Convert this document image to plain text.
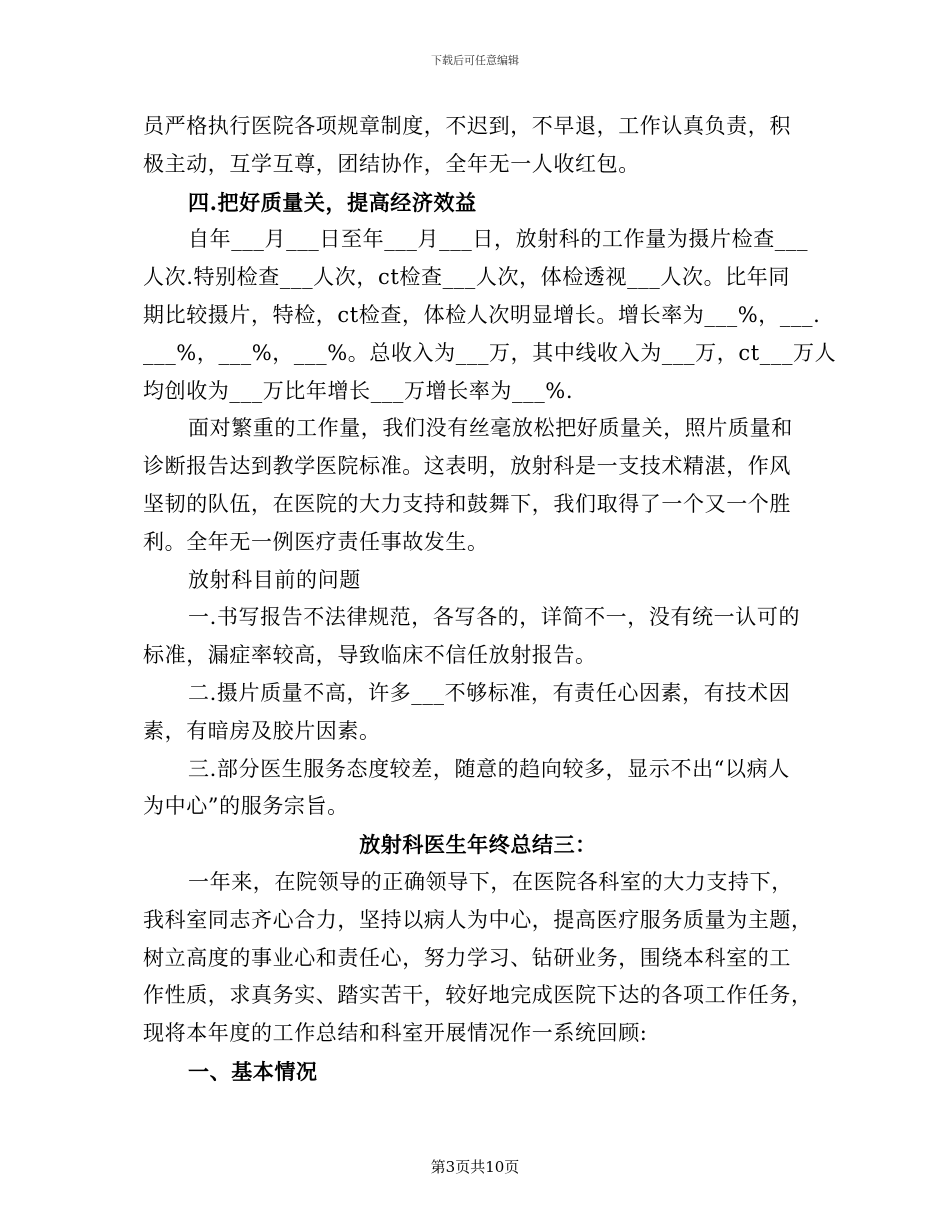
下载后可任意编辑
员严格执行医院各项规章制度，不迟到，不早退，工作认真负责，积
极主动，互学互尊，团结协作，全年无一人收红包。
四.把好质量关，提高经济效益
自年___月___日至年___月___日，放射科的工作量为摄片检查___
人次.特别检查___人次，ct检查___人次，体检透视___人次。比年同
期比较摄片，特检，ct检查，体检人次明显增长。增长率为___%，___.
___%，___%，___%。总收入为___万，其中线收入为___万，ct___万人
均创收为___万比年增长___万增长率为___%.
面对繁重的工作量，我们没有丝毫放松把好质量关，照片质量和
诊断报告达到教学医院标准。这表明，放射科是一支技术精湛，作风
坚韧的队伍，在医院的大力支持和鼓舞下，我们取得了一个又一个胜
利。全年无一例医疗责任事故发生。
放射科目前的问题
一.书写报告不法律规范，各写各的，详简不一，没有统一认可的
标准，漏症率较高，导致临床不信任放射报告。
二.摄片质量不高，许多___不够标准，有责任心因素，有技术因
素，有暗房及胶片因素。
三.部分医生服务态度较差，随意的趋向较多，显示不出“以病人
为中心”的服务宗旨。
放射科医生年终总结三：
一年来，在院领导的正确领导下，在医院各科室的大力支持下，
我科室同志齐心合力，坚持以病人为中心，提高医疗服务质量为主题，
树立高度的事业心和责任心，努力学习、钻研业务，围绕本科室的工
作性质，求真务实、踏实苦干，较好地完成医院下达的各项工作任务，
现将本年度的工作总结和科室开展情况作一系统回顾:
一、基本情况
第3页共10页
